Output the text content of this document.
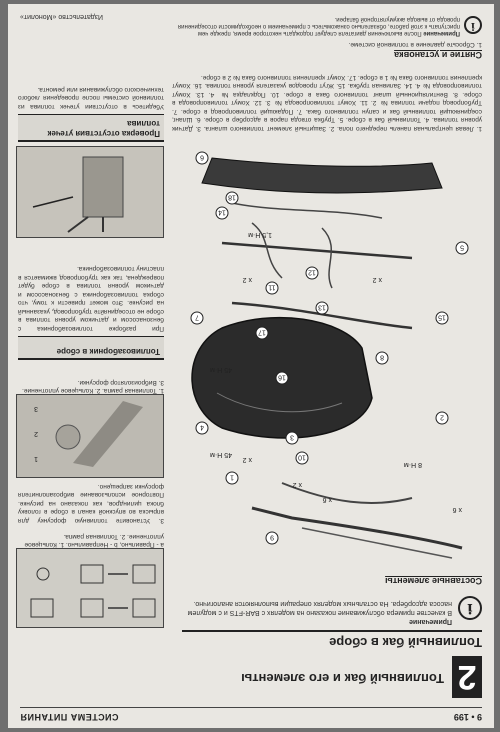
9 • 199
СИСТЕМА ПИТАНИЯ
2
Топливный бак и его элементы
Топливный бак в сборе
i
Примечание
В качестве примера обслуживание показано на моделях с BAR-FTS и с модулем насоса адсорбера. На остальных моделях операции выполняются аналогично.
Составные элементы
1
2
3
4
5
6
7
8
9
10
11
12
13
14
15
16
17
18
45 Н·м
45 Н·м
8 Н·м
1,5 Н·м
x 6
x 6
x 2
x 2
x 2
x 2
1. Левая центральная панель переднего пола. 2. Защитный элемент топливного шланга. 3. Датчик уровня топлива. 4. Топливный бак в сборе. 5. Трубка отвода паров в адсорбер в сборе. 6. Шланг, соединяющий топливный бак и сапун топливного бака. 7. Подающий топливопровод в сборе. 7. Трубопровод подачи топлива № 2. 11. Хомут топливопровода № 3. 12. Хомут топливопровода в сборе. 8. Вентиляционный шланг топливного бака в сборе. 10. Подкладка № 4. 13. Хомут топливопровода № 4. 14. Заливная трубка. 15. Жгут проводов указателя уровня топлива. 16. Хомут крепления топливного бака № 1 в сборе. 17. Хомут крепления топливного бака № 2 в сборе.
Снятие и установка
1. Сбросьте давление в топливной системе.
i
Примечание После выключения двигателя следует подождать некоторое время, прежде чем приступать к этой работе, обязательно ознакомьтесь с примечанием о необходимости отсоединения провода от вывода аккумуляторной батареи.
а - Правильно, b - Неправильно. 1. Кольцевое уплотнение. 2. Топливная рампа.
3. Установите топливную форсунку для впрыска во впускной канал в сборе в головку блока цилиндров, как показано на рисунке. Повторное использование виброзаполнителя форсунки запрещено.
1
2
3
1. Топливная рампа. 2. Кольцевое уплотнение. 3. Виброизолятор форсунки.
Топливозаборник в сборе
При разборке топливозаборника с бензонасосом и датчиком уровня топлива в сборе не отсоединяйте трубопровод, указанный на рисунке. Это может привести к тому, что сборка топливозаборника с бензонасосом и датчиком уровня топлива в сборе будет повреждена, так как трубопровод вжимается в пластину топливозаборника.
Проверка отсутствия утечек топлива
Убедитесь в отсутствии утечек топлива из топливной системы после проведения любого технического обслуживания или ремонта.
Издательство «Монолит»
